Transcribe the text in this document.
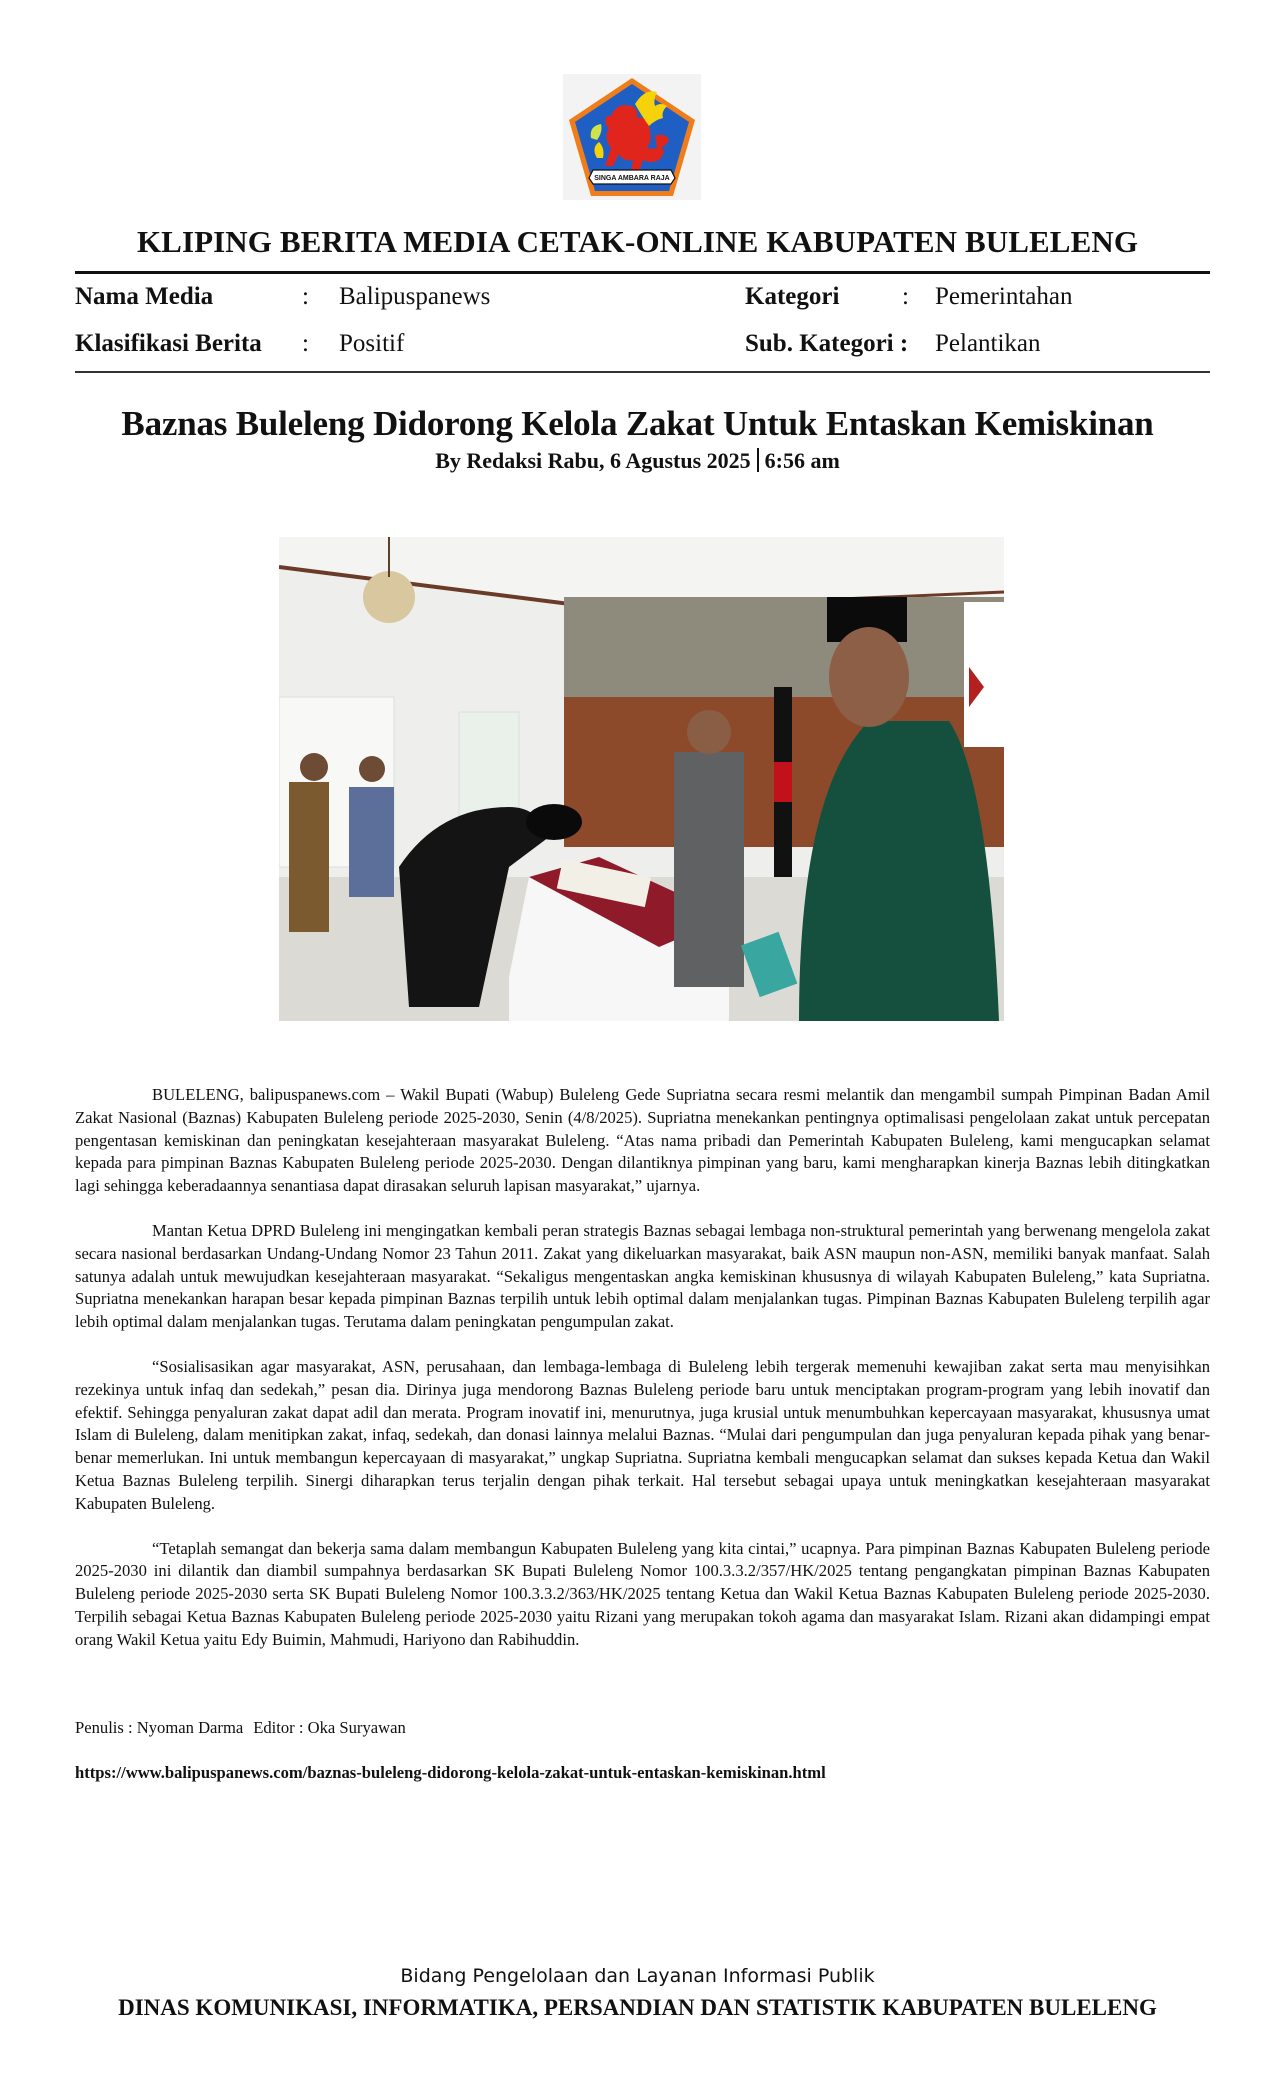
SINGA AMBARA RAJA
KLIPING BERITA MEDIA CETAK-ONLINE KABUPATEN BULELENG
Nama Media	: Balipuspanews
Klasifikasi Berita : Positif
Kategori	: Pemerintahan
Sub. Kategori : Pelantikan
Baznas Buleleng Didorong Kelola Zakat Untuk Entaskan Kemiskinan
By Redaksi Rabu, 6 Agustus 2025 6:56 am

BULELENG, balipuspanews.com – Wakil Bupati (Wabup) Buleleng Gede Supriatna secara resmi melantik dan mengambil sumpah Pimpinan Badan Amil Zakat Nasional (Baznas) Kabupaten Buleleng periode 2025-2030, Senin (4/8/2025). Supriatna menekankan pentingnya optimalisasi pengelolaan zakat untuk percepatan pengentasan kemiskinan dan peningkatan kesejahteraan masyarakat Buleleng. “Atas nama pribadi dan Pemerintah Kabupaten Buleleng, kami mengucapkan selamat kepada para pimpinan Baznas Kabupaten Buleleng periode 2025-2030. Dengan dilantiknya pimpinan yang baru, kami mengharapkan kinerja Baznas lebih ditingkatkan lagi sehingga keberadaannya senantiasa dapat dirasakan seluruh lapisan masyarakat,” ujarnya.

Mantan Ketua DPRD Buleleng ini mengingatkan kembali peran strategis Baznas sebagai lembaga non-struktural pemerintah yang berwenang mengelola zakat secara nasional berdasarkan Undang-Undang Nomor 23 Tahun 2011. Zakat yang dikeluarkan masyarakat, baik ASN maupun non-ASN, memiliki banyak manfaat. Salah satunya adalah untuk mewujudkan kesejahteraan masyarakat. “Sekaligus mengentaskan angka kemiskinan khususnya di wilayah Kabupaten Buleleng,” kata Supriatna. Supriatna menekankan harapan besar kepada pimpinan Baznas terpilih untuk lebih optimal dalam menjalankan tugas. Pimpinan Baznas Kabupaten Buleleng terpilih agar lebih optimal dalam menjalankan tugas. Terutama dalam peningkatan pengumpulan zakat.

“Sosialisasikan agar masyarakat, ASN, perusahaan, dan lembaga-lembaga di Buleleng lebih tergerak memenuhi kewajiban zakat serta mau menyisihkan rezekinya untuk infaq dan sedekah,” pesan dia. Dirinya juga mendorong Baznas Buleleng periode baru untuk menciptakan program-program yang lebih inovatif dan efektif. Sehingga penyaluran zakat dapat adil dan merata. Program inovatif ini, menurutnya, juga krusial untuk menumbuhkan kepercayaan masyarakat, khususnya umat Islam di Buleleng, dalam menitipkan zakat, infaq, sedekah, dan donasi lainnya melalui Baznas. “Mulai dari pengumpulan dan juga penyaluran kepada pihak yang benar-benar memerlukan. Ini untuk membangun kepercayaan di masyarakat,” ungkap Supriatna. Supriatna kembali mengucapkan selamat dan sukses kepada Ketua dan Wakil Ketua Baznas Buleleng terpilih. Sinergi diharapkan terus terjalin dengan pihak terkait. Hal tersebut sebagai upaya untuk meningkatkan kesejahteraan masyarakat Kabupaten Buleleng.

“Tetaplah semangat dan bekerja sama dalam membangun Kabupaten Buleleng yang kita cintai,” ucapnya. Para pimpinan Baznas Kabupaten Buleleng periode 2025-2030 ini dilantik dan diambil sumpahnya berdasarkan SK Bupati Buleleng Nomor 100.3.3.2/357/HK/2025 tentang pengangkatan pimpinan Baznas Kabupaten Buleleng periode 2025-2030 serta SK Bupati Buleleng Nomor 100.3.3.2/363/HK/2025 tentang Ketua dan Wakil Ketua Baznas Kabupaten Buleleng periode 2025-2030. Terpilih sebagai Ketua Baznas Kabupaten Buleleng periode 2025-2030 yaitu Rizani yang merupakan tokoh agama dan masyarakat Islam. Rizani akan didampingi empat orang Wakil Ketua yaitu Edy Buimin, Mahmudi, Hariyono dan Rabihuddin.

Penulis : Nyoman Darma Editor : Oka Suryawan
https://www.balipuspanews.com/baznas-buleleng-didorong-kelola-zakat-untuk-entaskan-kemiskinan.html
Bidang Pengelolaan dan Layanan Informasi Publik
DINAS KOMUNIKASI, INFORMATIKA, PERSANDIAN DAN STATISTIK KABUPATEN BULELENG
